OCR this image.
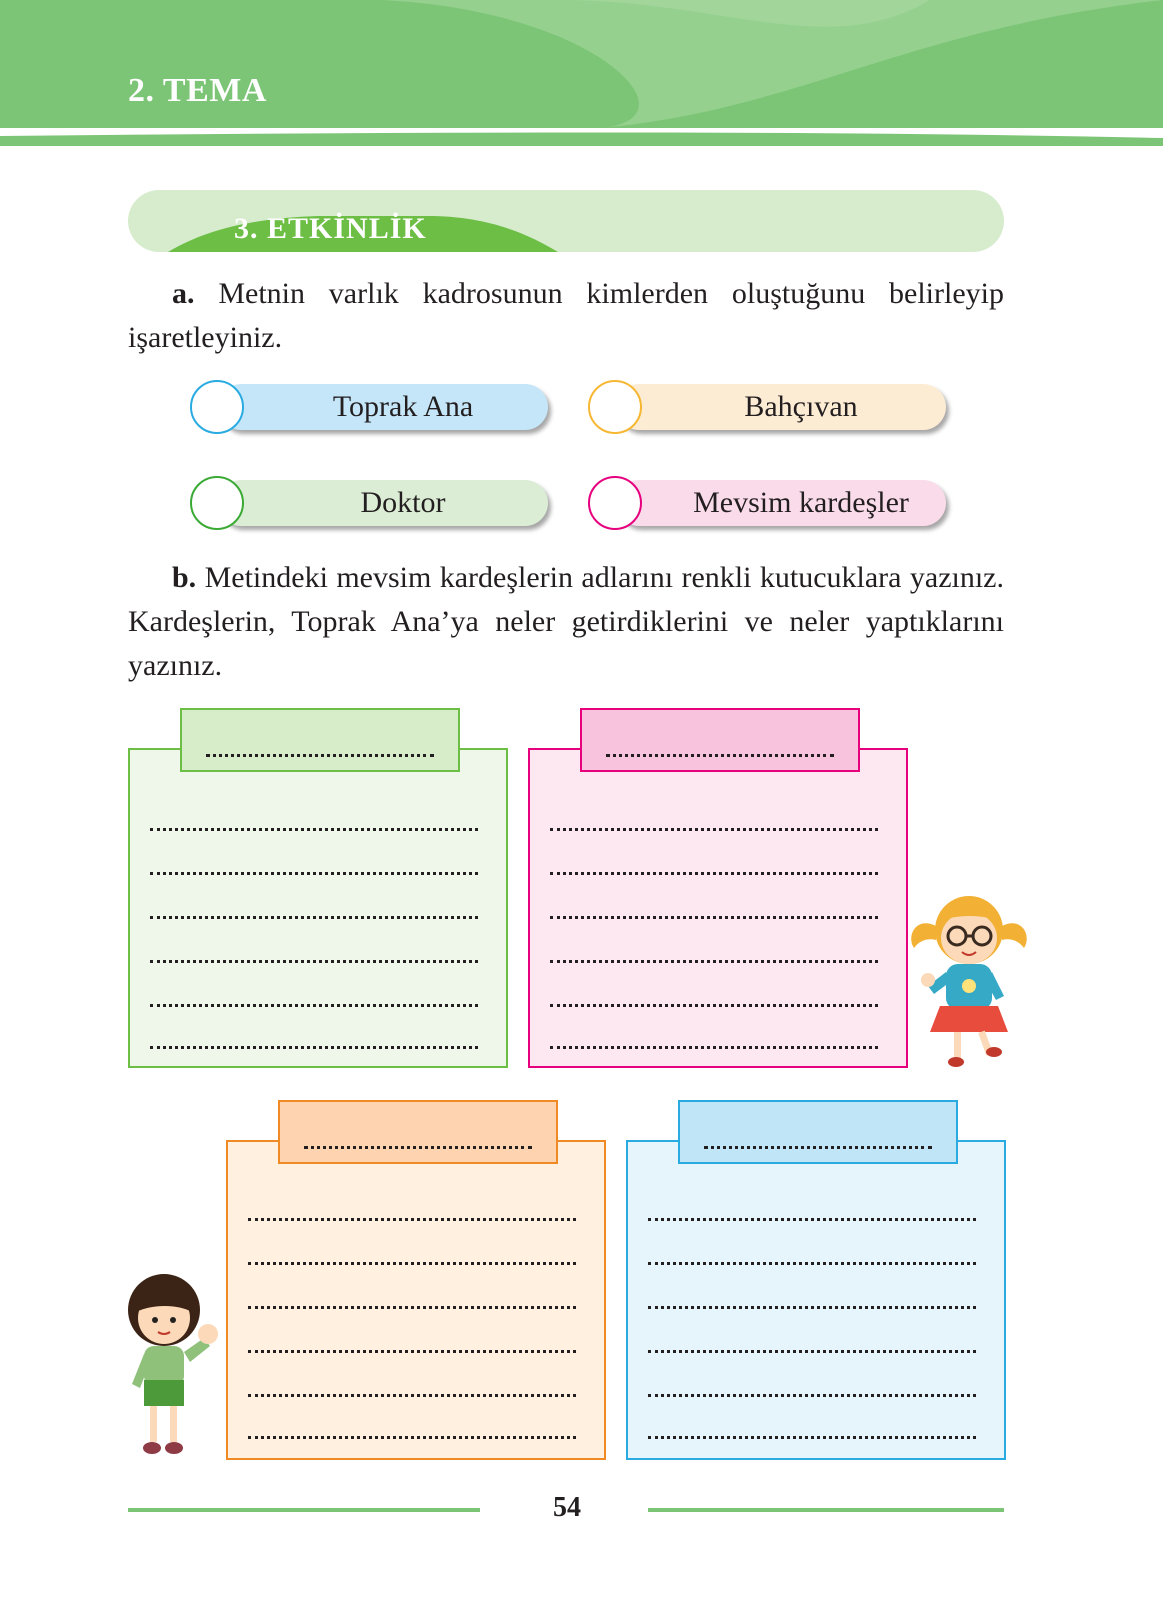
2. TEMA
3. ETKİNLİK

a. Metnin varlık kadrosunun kimlerden oluştuğunu belirleyip işaretleyiniz.

Toprak Ana	Bahçıvan
Doktor	Mevsim kardeşler

b. Metindeki mevsim kardeşlerin adlarını renkli kutucuklara yazınız. Kardeşlerin, Toprak Ana’ya neler getirdiklerini ve neler yaptıklarını yazınız.

54
